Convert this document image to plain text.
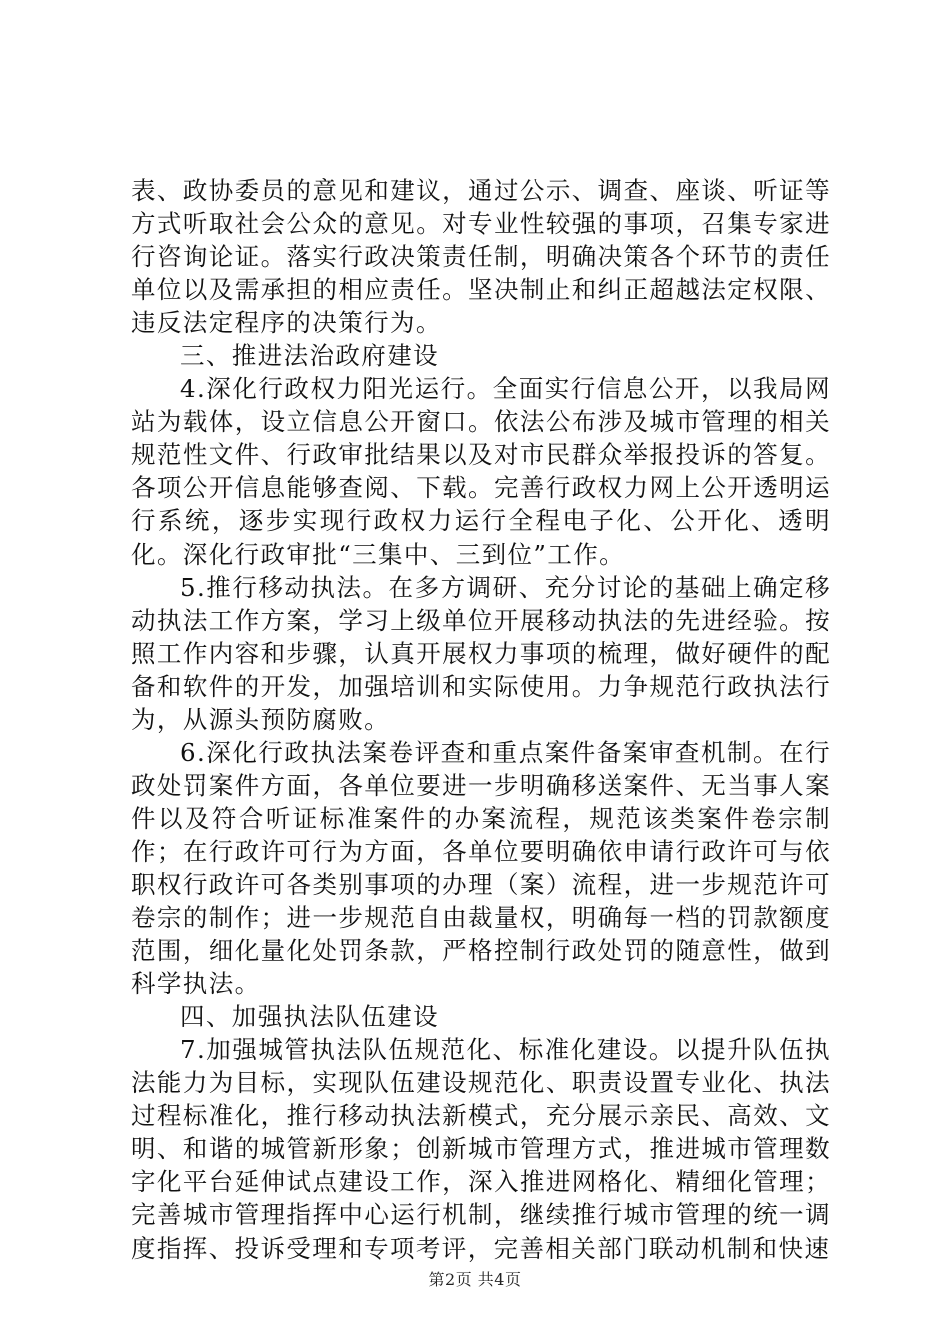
表、政协委员的意见和建议，通过公示、调查、座谈、听证等方式听取社会公众的意见。对专业性较强的事项，召集专家进行咨询论证。落实行政决策责任制，明确决策各个环节的责任单位以及需承担的相应责任。坚决制止和纠正超越法定权限、违反法定程序的决策行为。

三、推进法治政府建设

4.深化行政权力阳光运行。全面实行信息公开，以我局网站为载体，设立信息公开窗口。依法公布涉及城市管理的相关规范性文件、行政审批结果以及对市民群众举报投诉的答复。各项公开信息能够查阅、下载。完善行政权力网上公开透明运行系统，逐步实现行政权力运行全程电子化、公开化、透明化。深化行政审批“三集中、三到位”工作。

5.推行移动执法。在多方调研、充分讨论的基础上确定移动执法工作方案，学习上级单位开展移动执法的先进经验。按照工作内容和步骤，认真开展权力事项的梳理，做好硬件的配备和软件的开发，加强培训和实际使用。力争规范行政执法行为，从源头预防腐败。

6.深化行政执法案卷评查和重点案件备案审查机制。在行政处罚案件方面，各单位要进一步明确移送案件、无当事人案件以及符合听证标准案件的办案流程，规范该类案件卷宗制作；在行政许可行为方面，各单位要明确依申请行政许可与依职权行政许可各类别事项的办理（案）流程，进一步规范许可卷宗的制作；进一步规范自由裁量权，明确每一档的罚款额度范围，细化量化处罚条款，严格控制行政处罚的随意性，做到科学执法。

四、加强执法队伍建设

7.加强城管执法队伍规范化、标准化建设。以提升队伍执法能力为目标，实现队伍建设规范化、职责设置专业化、执法过程标准化，推行移动执法新模式，充分展示亲民、高效、文明、和谐的城管新形象；创新城市管理方式，推进城市管理数字化平台延伸试点建设工作，深入推进网格化、精细化管理；完善城市管理指挥中心运行机制，继续推行城市管理的统一调度指挥、投诉受理和专项考评，完善相关部门联动机制和快速

第2页 共4页
